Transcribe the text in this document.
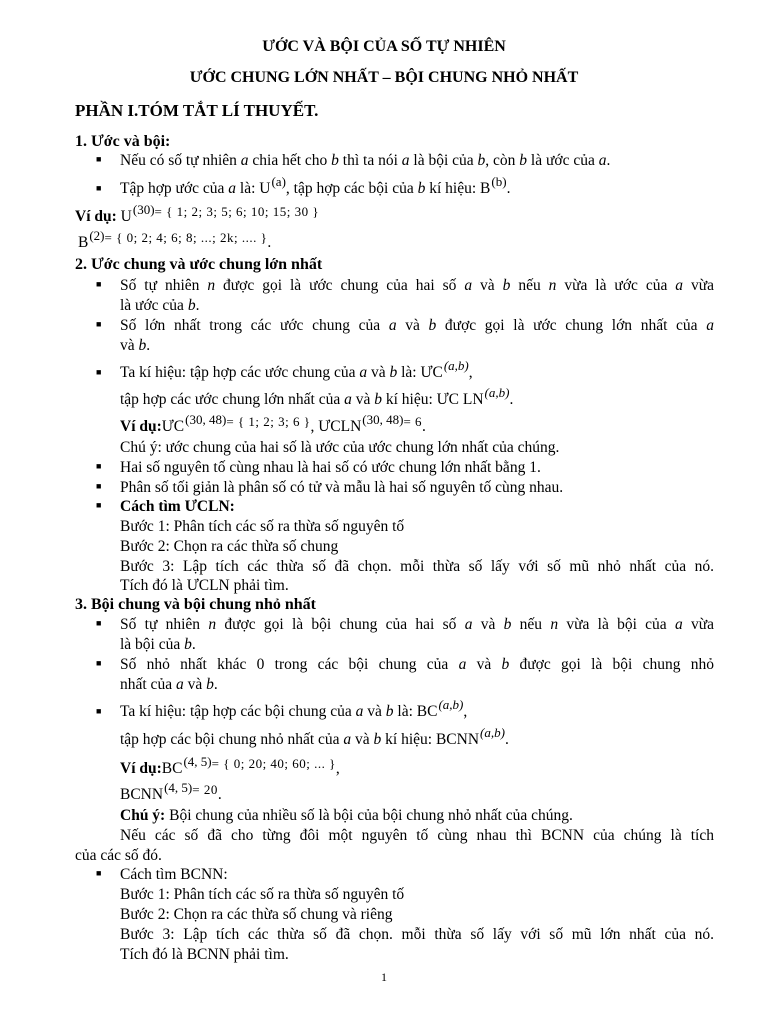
ƯỚC VÀ BỘI CỦA SỐ TỰ NHIÊN
ƯỚC CHUNG LỚN NHẤT – BỘI CHUNG NHỎ NHẤT
PHẦN I.TÓM TẮT LÍ THUYẾT.
1. Ước và bội:
■ Nếu có số tự nhiên a chia hết cho b thì ta nói a là bội của b, còn b là ước của a.
■ Tập hợp ước của a là: $U^{(a)}$, tập hợp các bội của b kí hiệu: $B^{(b)}$.
Ví dụ: $U^{(30)= \{ 1; 2; 3; 5; 6; 10; 15; 30 \}}$
$B^{(2)= \{ 0; 2; 4; 6; 8; ...; 2k; .... \}}$.
2. Ước chung và ước chung lớn nhất
■ Số tự nhiên n được gọi là ước chung của hai số a và b nếu n vừa là ước của a vừa
là ước của b.
■ Số lớn nhất trong các ước chung của a và b được gọi là ước chung lớn nhất của a
và b.
■ Ta kí hiệu: tập hợp các ước chung của a và b là: ƯC$^{(a,b)}$,
tập hợp các ước chung lớn nhất của a và b kí hiệu: ƯC LN$^{(a,b)}$.
Ví $dụ:ƯC^{(30, 48)= \{ 1; 2; 3; 6 \}}$, $ƯCLN^{(30, 48)= 6}$.
Chú ý: ước chung của hai số là ước của ước chung lớn nhất của chúng.
■ Hai số nguyên tố cùng nhau là hai số có ước chung lớn nhất bằng 1.
■ Phân số tối giản là phân số có tử và mẫu là hai số nguyên tố cùng nhau.
■ Cách tìm ƯCLN:
Bước 1: Phân tích các số ra thừa số nguyên tố
Bước 2: Chọn ra các thừa số chung
Bước 3: Lập tích các thừa số đã chọn. mỗi thừa số lấy với số mũ nhỏ nhất của nó.
Tích đó là ƯCLN phải tìm.
3. Bội chung và bội chung nhỏ nhất
■ Số tự nhiên n được gọi là bội chung của hai số a và b nếu n vừa là bội của a vừa
là bội của b.
■ Số nhỏ nhất khác 0 trong các bội chung của a và b được gọi là bội chung nhỏ
nhất của a và b.
■ Ta kí hiệu: tập hợp các bội chung của a và b là: BC$^{(a,b)}$,
tập hợp các bội chung nhỏ nhất của a và b kí hiệu: BCNN$^{(a,b)}$.
Ví $dụ:BC^{(4, 5)= \{ 0; 20; 40; 60; ... \}}$,
$BCNN^{(4, 5)= 20}$.
Chú ý: Bội chung của nhiều số là bội của bội chung nhỏ nhất của chúng.
Nếu các số đã cho từng đôi một nguyên tố cùng nhau thì BCNN của chúng là tích
của các số đó.
■ Cách tìm BCNN:
Bước 1: Phân tích các số ra thừa số nguyên tố
Bước 2: Chọn ra các thừa số chung và riêng
Bước 3: Lập tích các thừa số đã chọn. mỗi thừa số lấy với số mũ lớn nhất của nó.
Tích đó là BCNN phải tìm.
1
